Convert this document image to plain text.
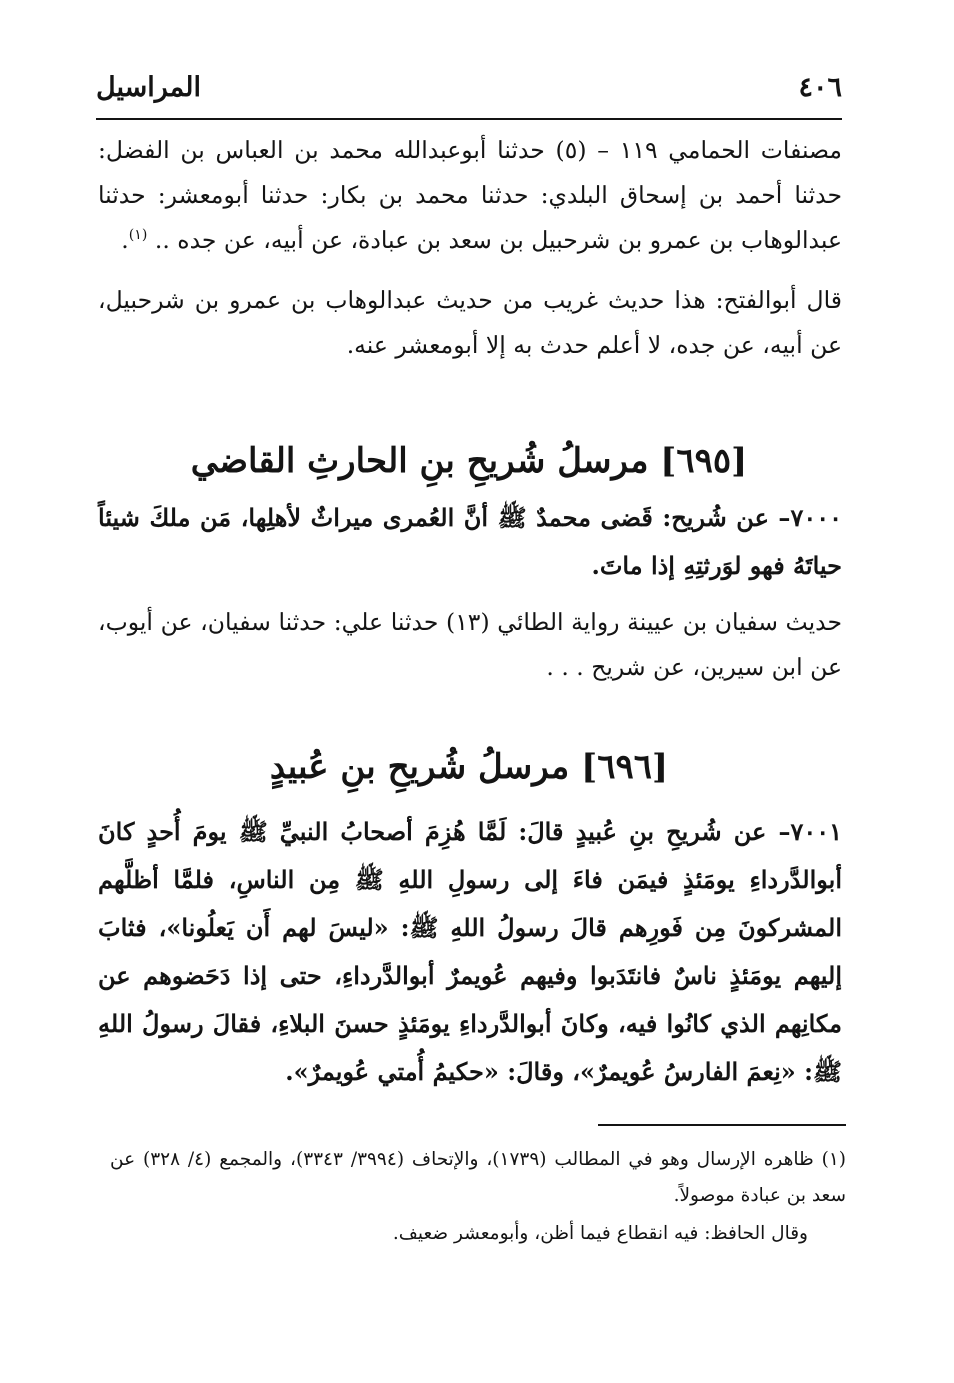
٤٠٦
المراسيل

مصنفات الحمامي ١١٩ – (٥) حدثنا أبوعبدالله محمد بن العباس بن الفضل: حدثنا أحمد بن إسحاق البلدي: حدثنا محمد بن بكار: حدثنا أبومعشر: حدثنا عبدالوهاب بن عمرو بن شرحبيل بن سعد بن عبادة، عن أبيه، عن جده .. $^{(١)}$.

قال أبوالفتح: هذا حديث غريب من حديث عبدالوهاب بن عمرو بن شرحبيل، عن أبيه، عن جده، لا أعلم حدث به إلا أبومعشر عنه.

[٦٩٥] مرسلُ شُريحِ بنِ الحارثِ القاضي

٧٠٠٠– عن شُريح: قَضى محمدٌ ﷺ أنَّ العُمرى ميراثٌ لأهلِها، مَن ملكَ شيئاً حياتَهُ فهو لوَرثتِهِ إذا ماتَ.

حديث سفيان بن عيينة رواية الطائي (١٣) حدثنا علي: حدثنا سفيان، عن أيوب، عن ابن سيرين، عن شريح . . .

[٦٩٦] مرسلُ شُريحِ بنِ عُبيدٍ

٧٠٠١– عن شُريحِ بنِ عُبيدٍ قالَ: لَمَّا هُزِمَ أصحابُ النبيِّ ﷺ يومَ أُحدٍ كانَ أبوالدَّرداءِ يومَئذٍ فيمَن فاءَ إلى رسولِ اللهِ ﷺ مِن الناسِ، فلمَّا أظلَّهم المشركونَ مِن فَورِهم قالَ رسولُ اللهِ ﷺ: «ليسَ لهم أَن يَعلُونا»، فثابَ إليهم يومَئذٍ ناسٌ فانتَدَبوا وفيهم عُويمرٌ أبوالدَّرداءِ، حتى إذا دَحَضوهم عن مكانِهم الذي كانُوا فيه، وكانَ أبوالدَّرداءِ يومَئذٍ حسنَ البلاءِ، فقالَ رسولُ اللهِ ﷺ: «نِعمَ الفارسُ عُويمرٌ»، وقالَ: «حكيمُ أُمتي عُويمرٌ».

(١) ظاهره الإرسال وهو في المطالب (١٧٣٩)، والإتحاف (٣٩٩٤/ ٣٣٤٣)، والمجمع (٤/ ٣٢٨) عن سعد بن عبادة موصولاً.

وقال الحافظ: فيه انقطاع فيما أظن، وأبومعشر ضعيف.
